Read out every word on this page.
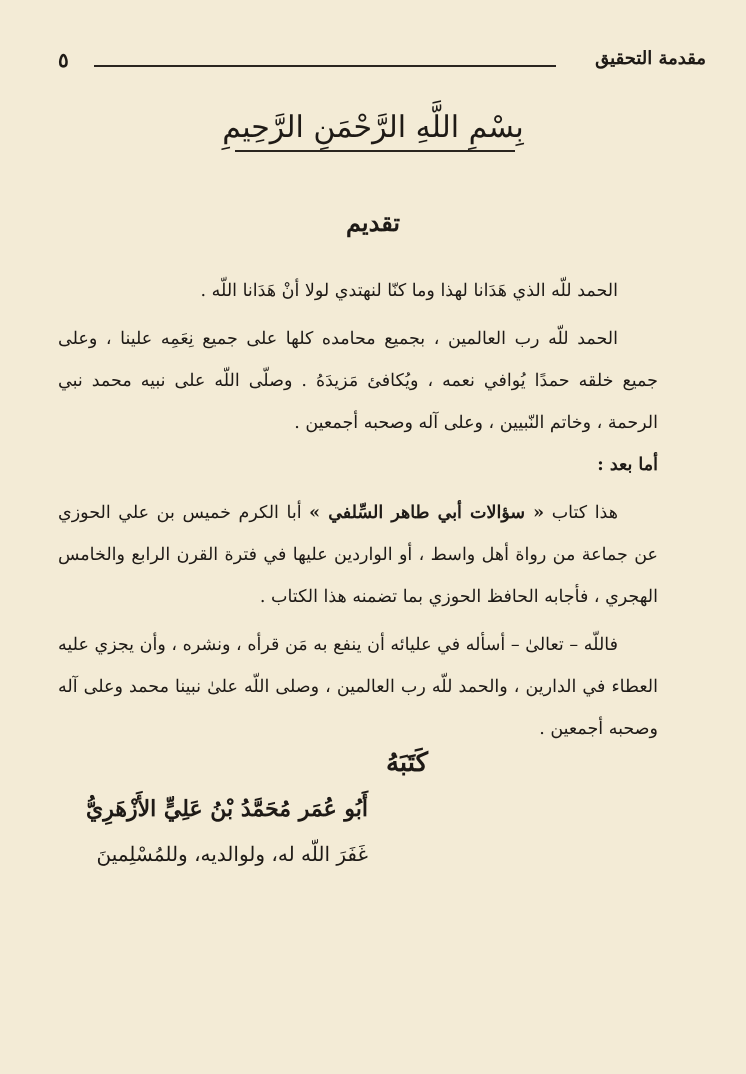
٥	مقدمة التحقيق
بِسْمِ اللَّهِ الرَّحْمَنِ الرَّحِيمِ
تقديم

الحمد للّه الذي هَدَانا لهذا وما كنّا لنهتدي لولا أنْ هَدَانا اللّه .

الحمد للّه رب العالمين ، بجميع محامده كلها على جميع نِعَمِه علينا ، وعلى جميع خلقه حمدًا يُوافي نعمه ، ويُكافئ مَزيدَهُ . وصلّى اللّه على نبيه محمد نبي الرحمة ، وخاتم النّبيين ، وعلى آله وصحبه أجمعين .

أما بعد :

هذا كتاب « سؤالات أبي طاهر السِّلفي » أبا الكرم خميس بن علي الحوزي عن جماعة من رواة أهل واسط ، أو الواردين عليها في فترة القرن الرابع والخامس الهجري ، فأجابه الحافظ الحوزي بما تضمنه هذا الكتاب .

فاللّه – تعالىٰ – أسأله في عليائه أن ينفع به مَن قرأه ، ونشره ، وأن يجزي عليه العطاء في الدارين ، والحمد للّه رب العالمين ، وصلى اللّه علىٰ نبينا محمد وعلى آله وصحبه أجمعين .

كَتَبَهُ
أَبُو عُمَر مُحَمَّدُ بْنُ عَلِيٍّ الأَزْهَرِيُّ
غَفَرَ اللّه له، ولوالديه، وللمُسْلِمينَ
